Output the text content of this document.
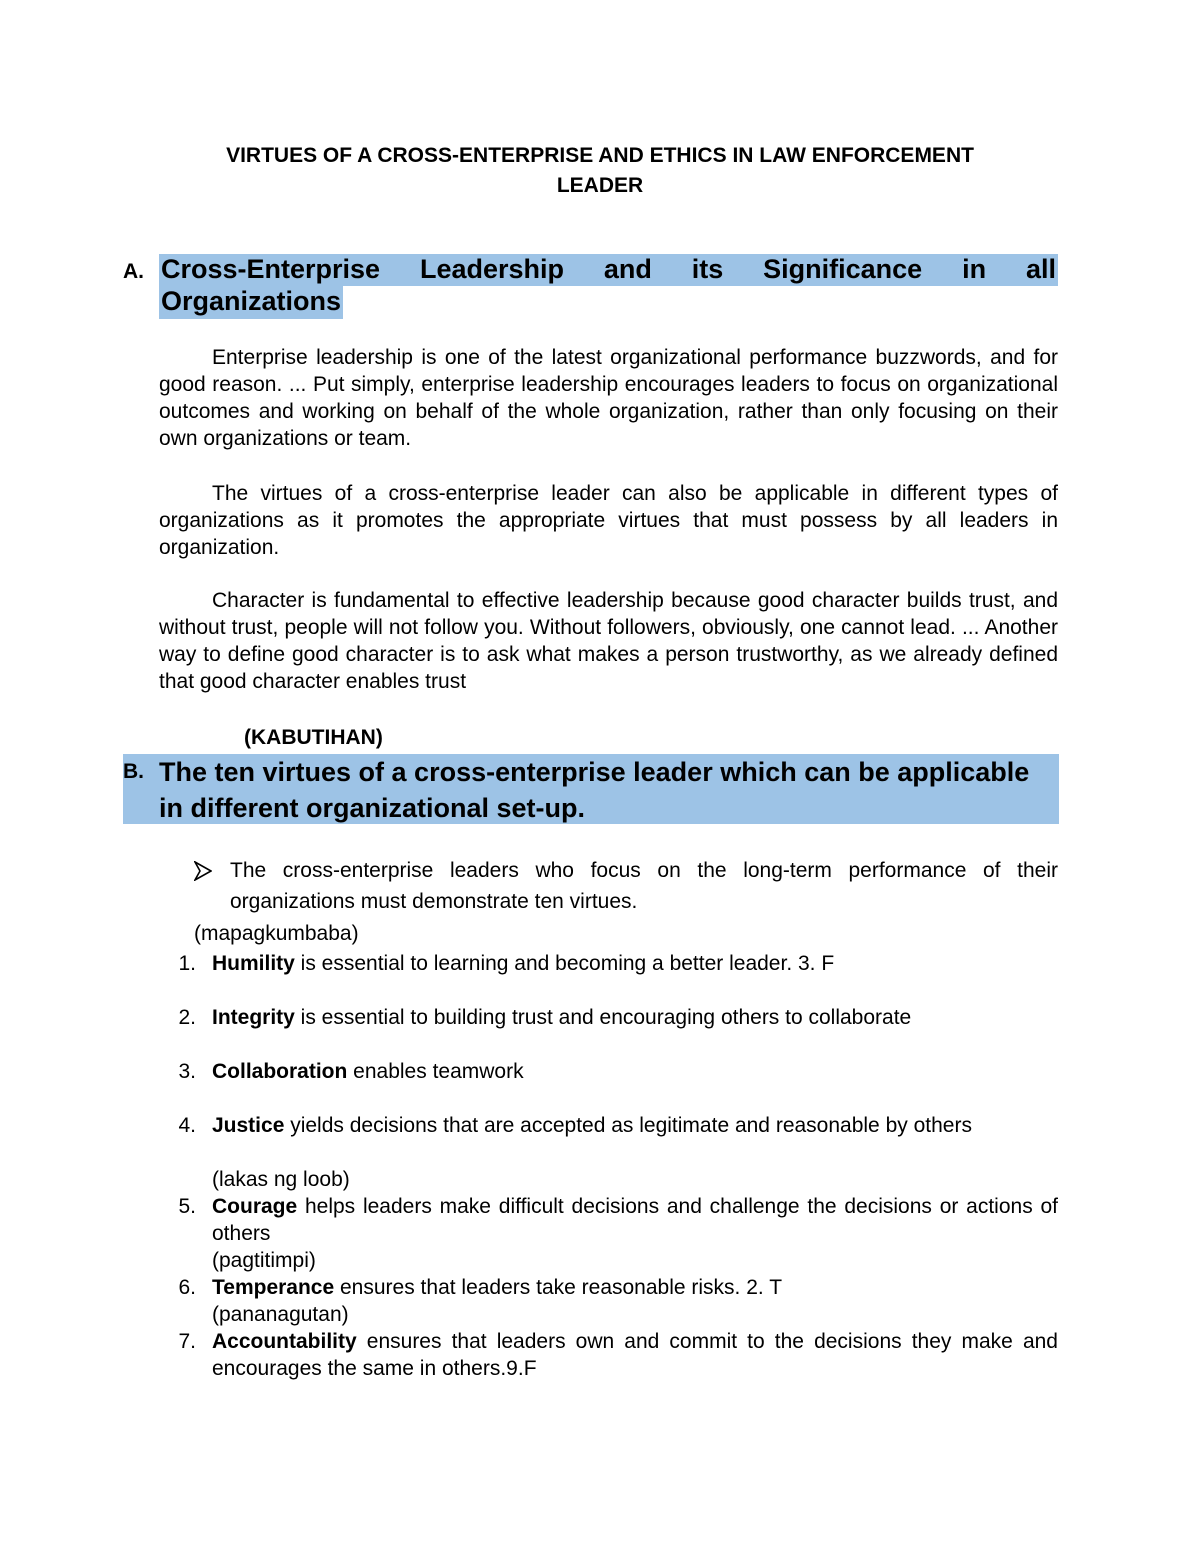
VIRTUES OF A CROSS-ENTERPRISE AND ETHICS IN LAW ENFORCEMENT
LEADER
A. Cross-Enterprise Leadership and its Significance in all
Organizations

Enterprise leadership is one of the latest organizational performance buzzwords, and for good reason. ... Put simply, enterprise leadership encourages leaders to focus on organizational outcomes and working on behalf of the whole organization, rather than only focusing on their own organizations or team.

The virtues of a cross-enterprise leader can also be applicable in different types of organizations as it promotes the appropriate virtues that must possess by all leaders in organization.

Character is fundamental to effective leadership because good character builds trust, and without trust, people will not follow you. Without followers, obviously, one cannot lead. ... Another way to define good character is to ask what makes a person trustworthy, as we already defined that good character enables trust

(KABUTIHAN)
B. The ten virtues of a cross-enterprise leader which can be applicable in different organizational set-up.

The cross-enterprise leaders who focus on the long-term performance of their organizations must demonstrate ten virtues.

(mapagkumbaba)
1. Humility is essential to learning and becoming a better leader. 3. F

2. Integrity is essential to building trust and encouraging others to collaborate

3. Collaboration enables teamwork

4. Justice yields decisions that are accepted as legitimate and reasonable by others

(lakas ng loob)
5. Courage helps leaders make difficult decisions and challenge the decisions or actions of others

(pagtitimpi)
6. Temperance ensures that leaders take reasonable risks. 2. T

(pananagutan)
7. Accountability ensures that leaders own and commit to the decisions they make and encourages the same in others.9.F
